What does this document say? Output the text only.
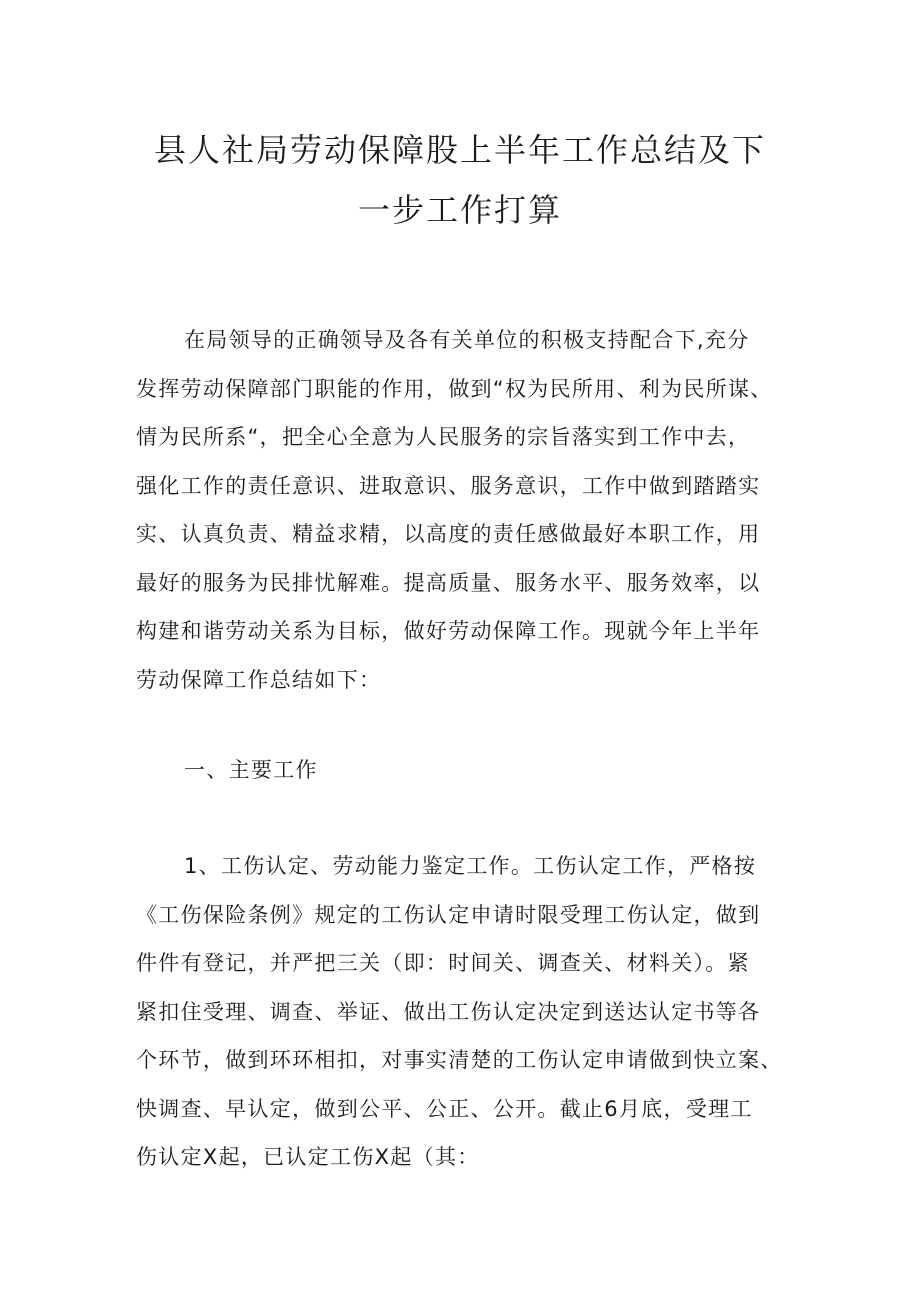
县人社局劳动保障股上半年工作总结及下
一步工作打算

在局领导的正确领导及各有关单位的积极支持配合下,充分
发挥劳动保障部门职能的作用，做到“权为民所用、利为民所谋、
情为民所系“，把全心全意为人民服务的宗旨落实到工作中去，
强化工作的责任意识、进取意识、服务意识，工作中做到踏踏实
实、认真负责、精益求精，以高度的责任感做最好本职工作，用
最好的服务为民排忧解难。提高质量、服务水平、服务效率，以
构建和谐劳动关系为目标，做好劳动保障工作。现就今年上半年
劳动保障工作总结如下：

一、主要工作

1、工伤认定、劳动能力鉴定工作。工伤认定工作，严格按
《工伤保险条例》规定的工伤认定申请时限受理工伤认定，做到
件件有登记，并严把三关（即：时间关、调查关、材料关）。紧
紧扣住受理、调查、举证、做出工伤认定决定到送达认定书等各
个环节，做到环环相扣，对事实清楚的工伤认定申请做到快立案、
快调查、早认定，做到公平、公正、公开。截止6月底，受理工
伤认定X起，已认定工伤X起（其：
